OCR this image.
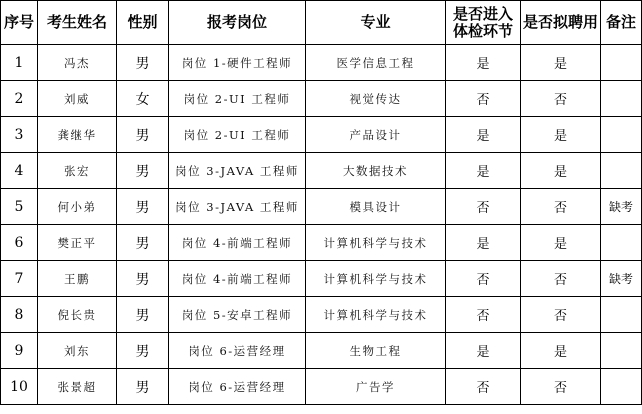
序号	考生姓名	性别	报考岗位	专业	是否进入体检环节	是否拟聘用	备注
1	冯杰	男	岗位 1-硬件工程师	医学信息工程	是	是	
2	刘威	女	岗位 2-UI 工程师	视觉传达	否	否	
3	龚继华	男	岗位 2-UI 工程师	产品设计	是	是	
4	张宏	男	岗位 3-JAVA 工程师	大数据技术	是	是	
5	何小弟	男	岗位 3-JAVA 工程师	模具设计	否	否	缺考
6	樊正平	男	岗位 4-前端工程师	计算机科学与技术	是	是	
7	王鹏	男	岗位 4-前端工程师	计算机科学与技术	否	否	缺考
8	倪长贵	男	岗位 5-安卓工程师	计算机科学与技术	否	否	
9	刘东	男	岗位 6-运营经理	生物工程	是	是	
10	张景超	男	岗位 6-运营经理	广告学	否	否	
